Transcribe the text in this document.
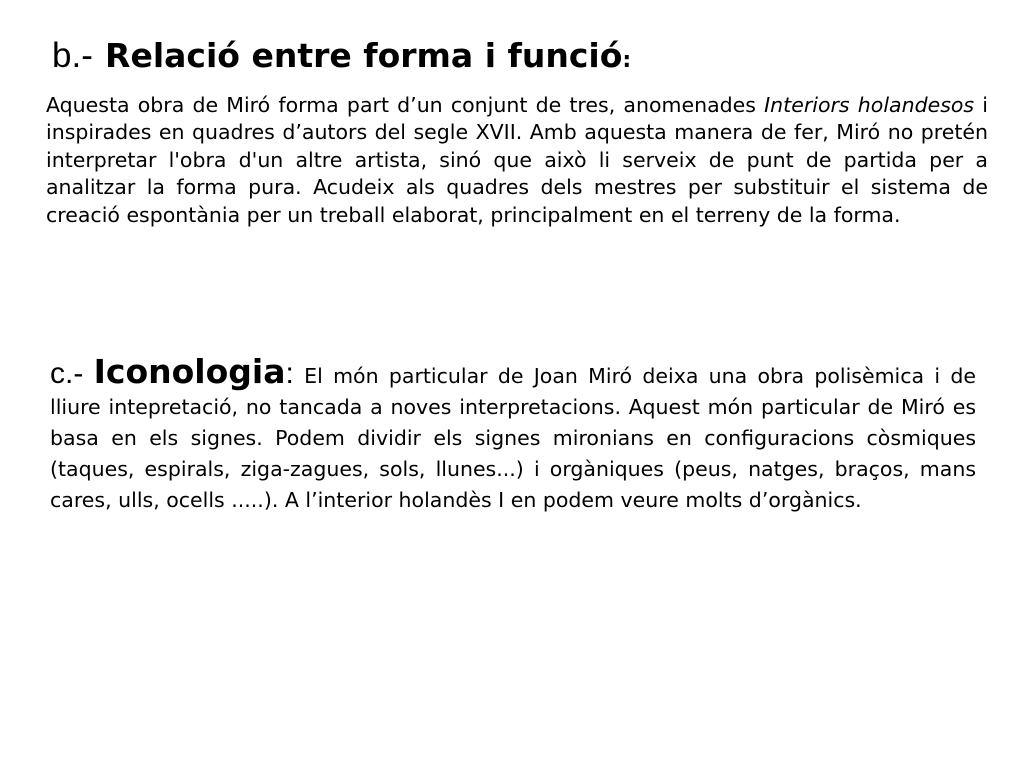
b.- Relació entre forma i funció:

Aquesta obra de Miró forma part d’un conjunt de tres, anomenades Interiors holandesos i inspirades en quadres d’autors del segle XVII. Amb aquesta manera de fer, Miró no pretén interpretar l'obra d'un altre artista, sinó que això li serveix de punt de partida per a analitzar la forma pura. Acudeix als quadres dels mestres per substituir el sistema de creació espontània per un treball elaborat, principalment en el terreny de la forma.

c.- Iconologia: El món particular de Joan Miró deixa una obra polisèmica i de lliure intepretació, no tancada a noves interpretacions. Aquest món particular de Miró es basa en els signes. Podem dividir els signes mironians en configuracions còsmiques (taques, espirals, ziga-zagues, sols, llunes...) i orgàniques (peus, natges, braços, mans cares, ulls, ocells .....). A l’interior holandès I en podem veure molts d’orgànics.
